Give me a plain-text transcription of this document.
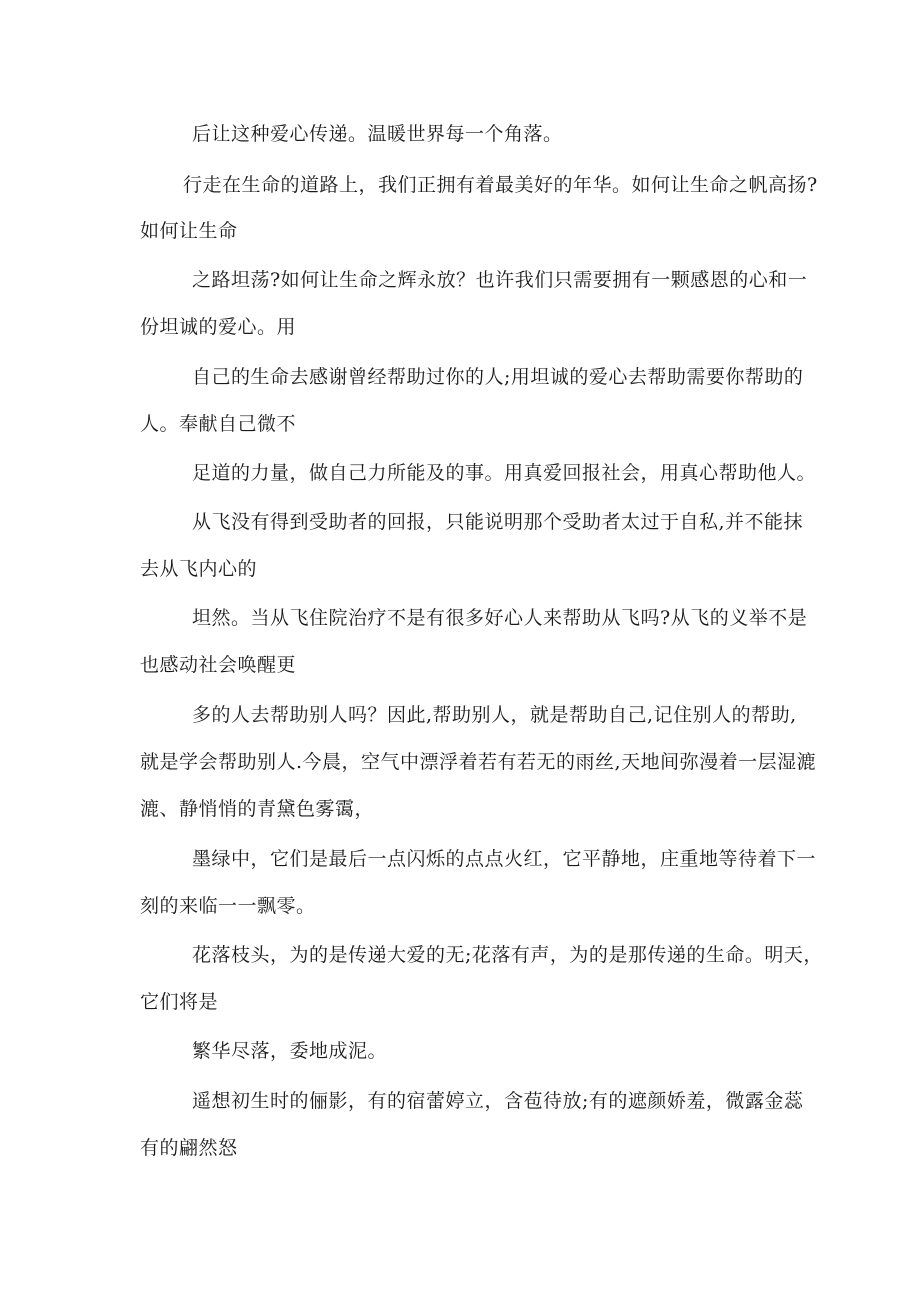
后让这种爱心传递。温暖世界每一个角落。
行走在生命的道路上，我们正拥有着最美好的年华。如何让生命之帆高扬?
如何让生命
之路坦荡?如何让生命之辉永放？也许我们只需要拥有一颗感恩的心和一
份坦诚的爱心。用
自己的生命去感谢曾经帮助过你的人;用坦诚的爱心去帮助需要你帮助的
人。奉献自己微不
足道的力量，做自己力所能及的事。用真爱回报社会，用真心帮助他人。
从飞没有得到受助者的回报，只能说明那个受助者太过于自私,并不能抹
去从飞内心的
坦然。当从飞住院治疗不是有很多好心人来帮助从飞吗?从飞的义举不是
也感动社会唤醒更
多的人去帮助别人吗？因此,帮助别人，就是帮助自己,记住别人的帮助,
就是学会帮助别人.今晨，空气中漂浮着若有若无的雨丝,天地间弥漫着一层湿漉
漉、静悄悄的青黛色雾霭，
墨绿中，它们是最后一点闪烁的点点火红，它平静地，庄重地等待着下一
刻的来临一一飘零。
花落枝头，为的是传递大爱的无;花落有声，为的是那传递的生命。明天，
它们将是
繁华尽落，委地成泥。
遥想初生时的俪影，有的宿蕾婷立，含苞待放;有的遮颜娇羞，微露金蕊
有的翩然怒
